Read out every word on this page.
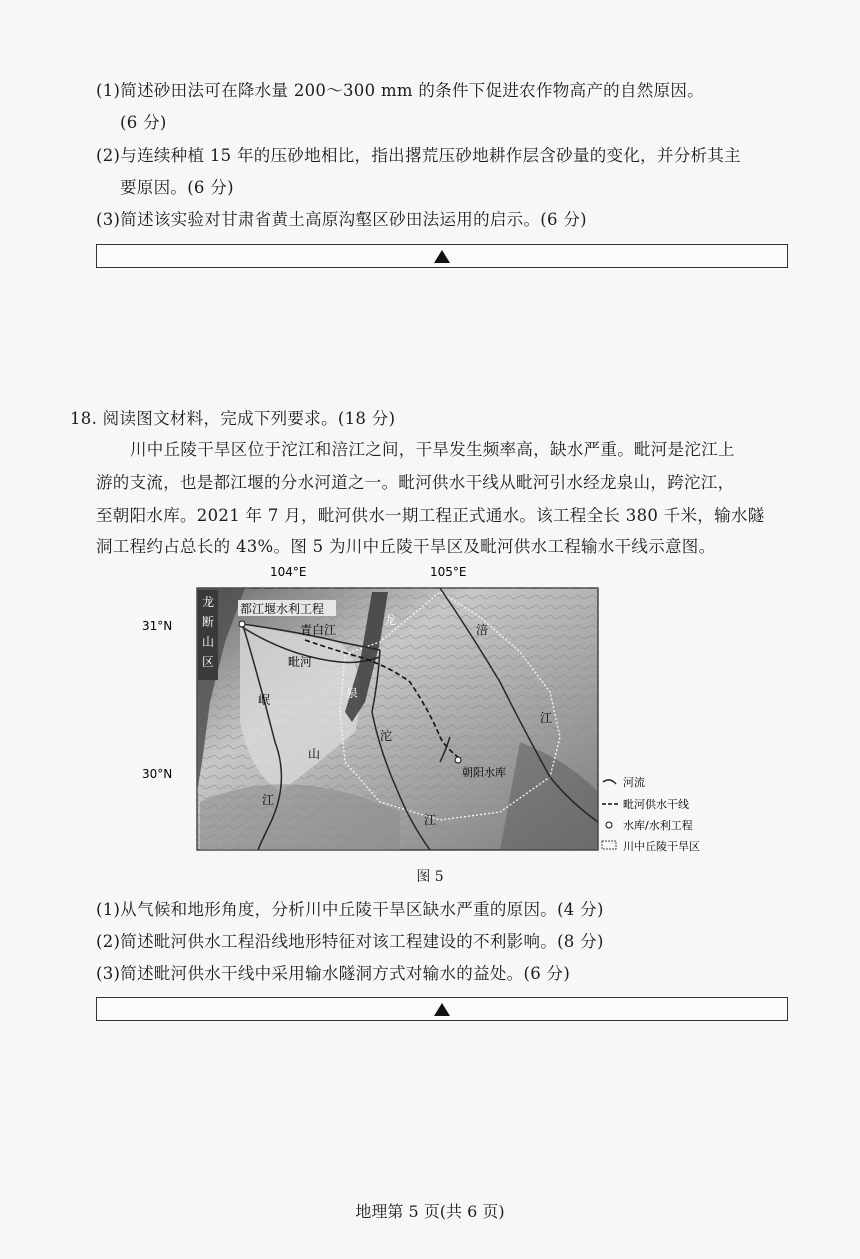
(1)简述砂田法可在降水量 200～300 mm 的条件下促进农作物高产的自然原因。
(6 分)
(2)与连续种植 15 年的压砂地相比，指出撂荒压砂地耕作层含砂量的变化，并分析其主
要原因。(6 分)
(3)简述该实验对甘肃省黄土高原沟壑区砂田法运用的启示。(6 分)
18. 阅读图文材料，完成下列要求。(18 分)
川中丘陵干旱区位于沱江和涪江之间，干旱发生频率高，缺水严重。毗河是沱江上
游的支流，也是都江堰的分水河道之一。毗河供水干线从毗河引水经龙泉山，跨沱江，
至朝阳水库。2021 年 7 月，毗河供水一期工程正式通水。该工程全长 380 千米，输水隧
洞工程约占总长的 43%。图 5 为川中丘陵干旱区及毗河供水工程输水干线示意图。
104°E	105°E
31°N
30°N
龙
断
山
区
都江堰水利工程
青白江
毗河
岷
山
江
龙
泉
沱
江
涪
江
朝阳水库
河流
毗河供水干线
水库/水利工程
川中丘陵干旱区
图 5
(1)从气候和地形角度，分析川中丘陵干旱区缺水严重的原因。(4 分)
(2)简述毗河供水工程沿线地形特征对该工程建设的不利影响。(8 分)
(3)简述毗河供水干线中采用输水隧洞方式对输水的益处。(6 分)
地理第 5 页(共 6 页)
